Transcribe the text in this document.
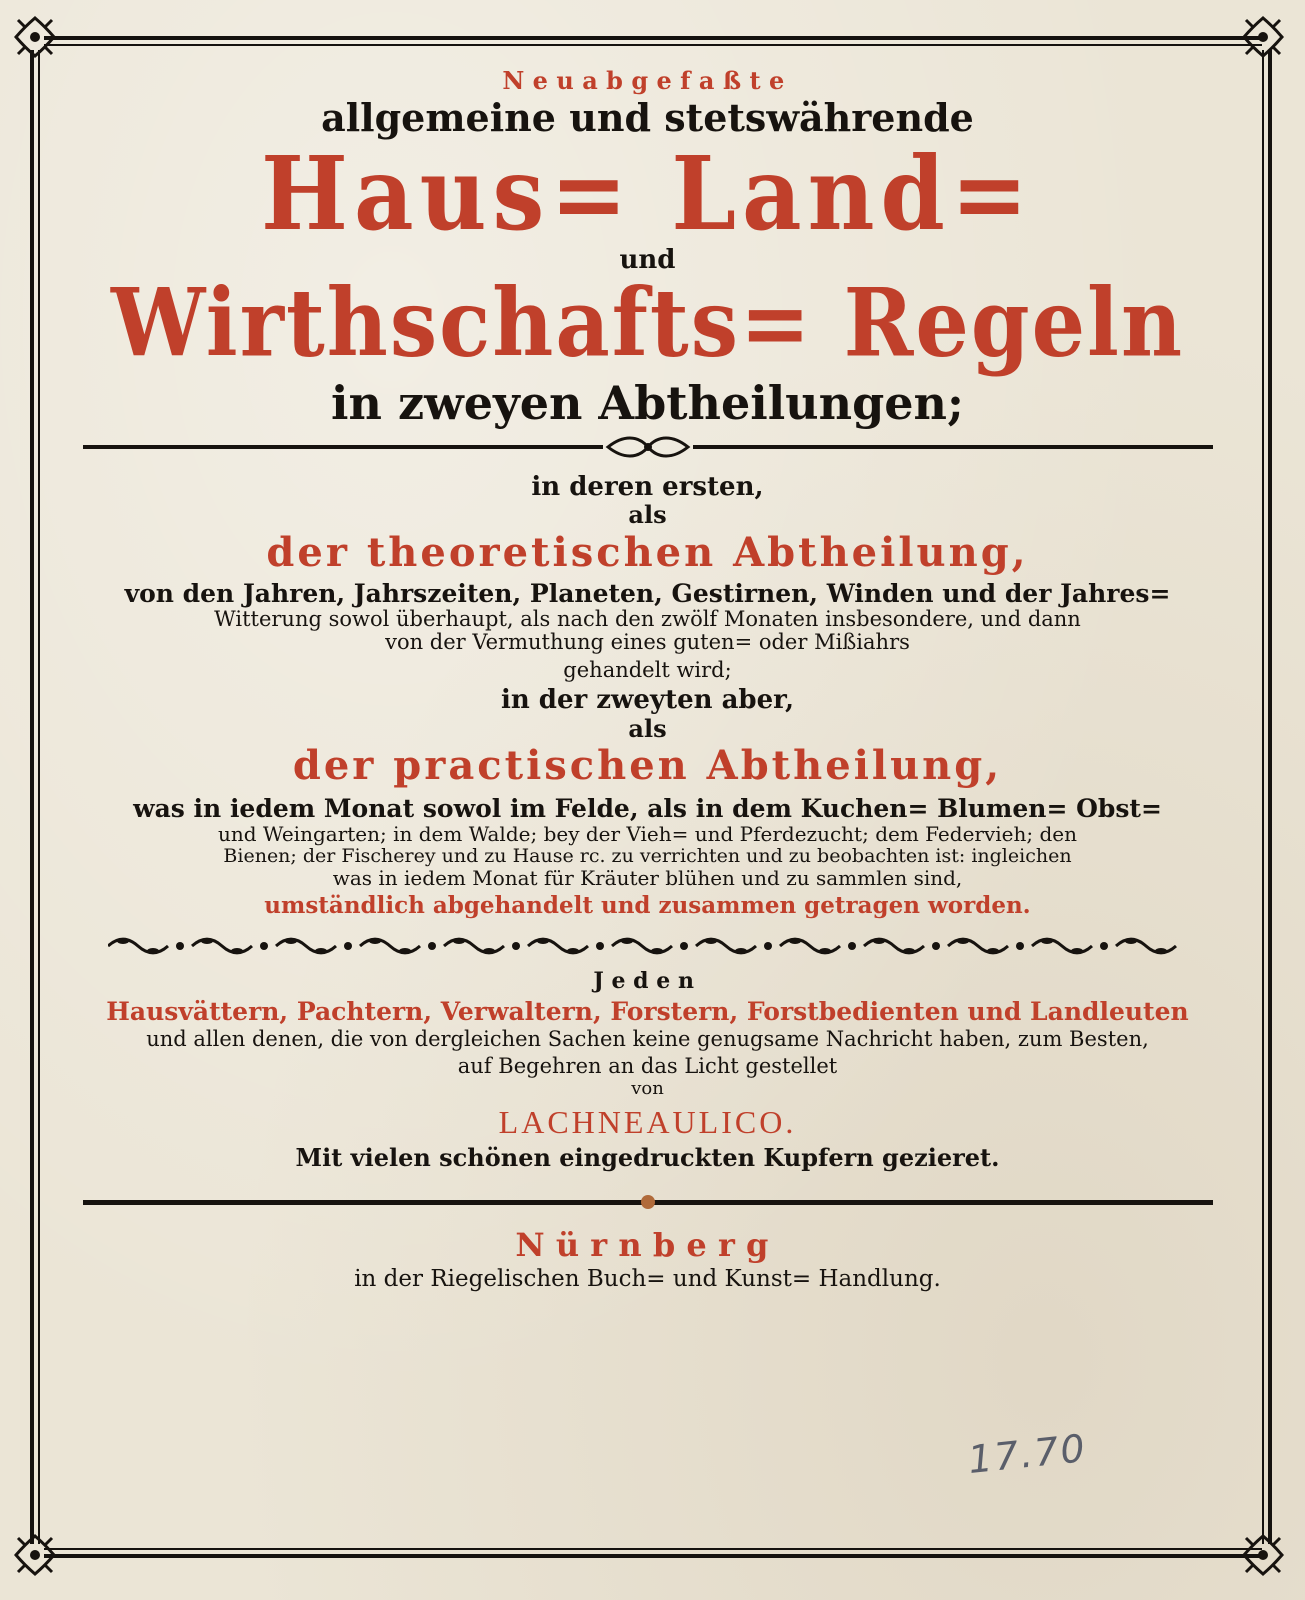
Neuabgefaßte
allgemeine und stetswährende
Haus= Land=
und
Wirthschafts= Regeln
in zweyen Abtheilungen;
in deren ersten,
als
der theoretischen Abtheilung,
von den Jahren, Jahrszeiten, Planeten, Gestirnen, Winden und der Jahres=
Witterung sowol überhaupt, als nach den zwölf Monaten insbesondere, und dann
von der Vermuthung eines guten= oder Mißiahrs
gehandelt wird;
in der zweyten aber,
als
der practischen Abtheilung,
was in iedem Monat sowol im Felde, als in dem Kuchen= Blumen= Obst=
und Weingarten; in dem Walde; bey der Vieh= und Pferdezucht; dem Federvieh; den
Bienen; der Fischerey und zu Hause rc. zu verrichten und zu beobachten ist: ingleichen
was in iedem Monat für Kräuter blühen und zu sammlen sind,
umständlich abgehandelt und zusammen getragen worden.
Jeden
Hausvättern, Pachtern, Verwaltern, Forstern, Forstbedienten und Landleuten
und allen denen, die von dergleichen Sachen keine genugsame Nachricht haben, zum Besten,
auf Begehren an das Licht gestellet
von
LACHNEAULICO.
Mit vielen schönen eingedruckten Kupfern gezieret.
Nürnberg
in der Riegelischen Buch= und Kunst= Handlung.
17.70
